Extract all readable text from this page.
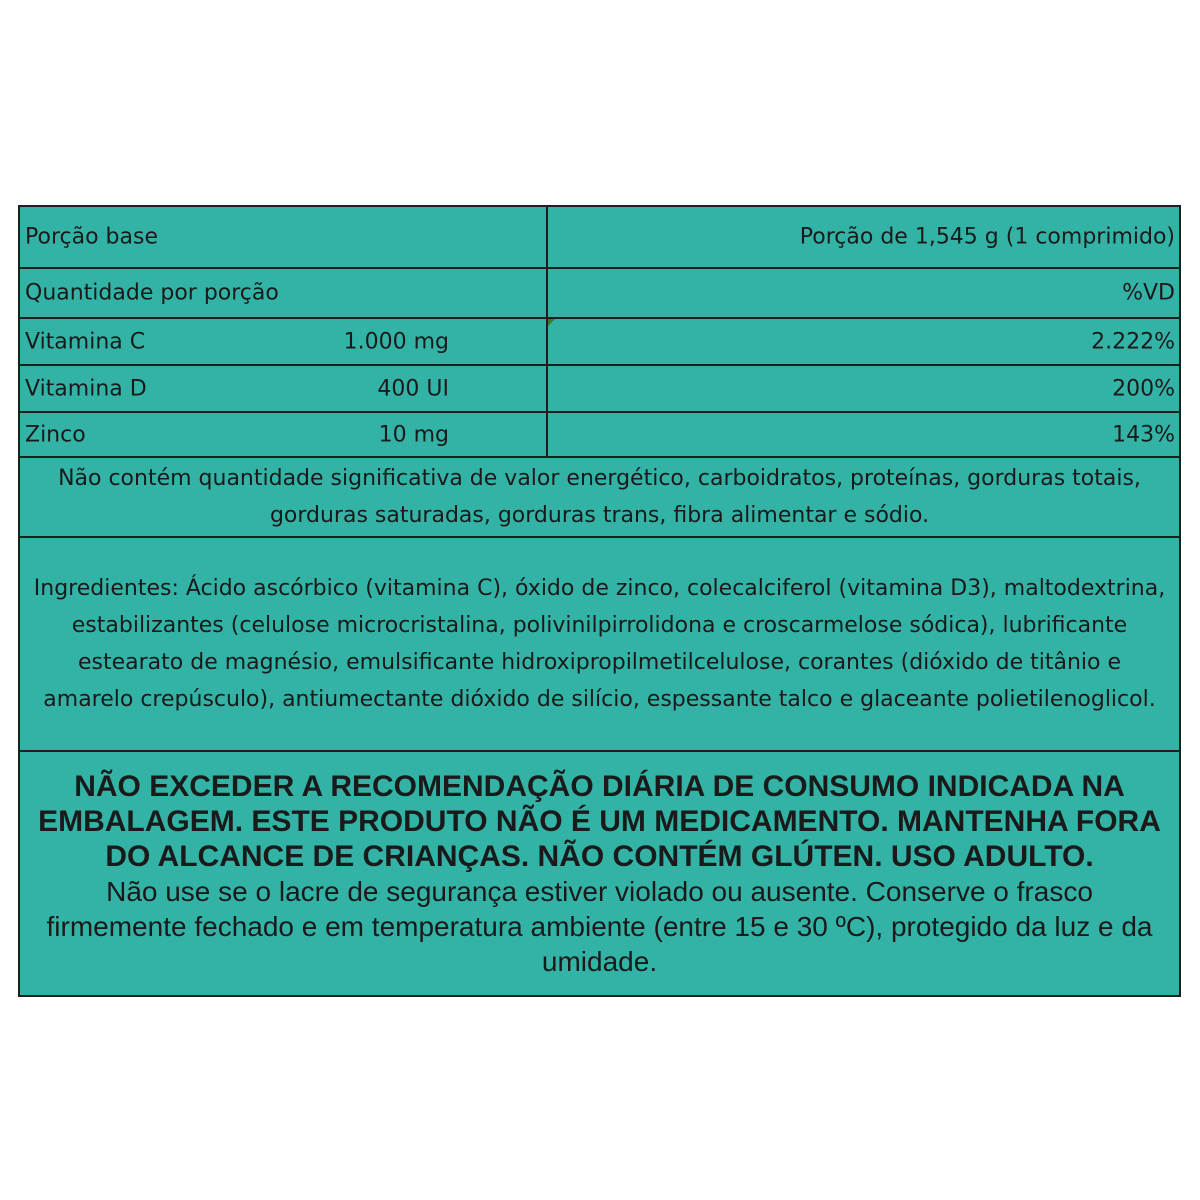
Porção base	Porção de 1,545 g (1 comprimido)
Quantidade por porção	%VD
Vitamina C	1.000 mg	2.222%
Vitamina D	400 UI	200%
Zinco	10 mg	143%
Não contém quantidade significativa de valor energético, carboidratos, proteínas, gorduras totais, gorduras saturadas, gorduras trans, fibra alimentar e sódio.
Ingredientes: Ácido ascórbico (vitamina C), óxido de zinco, colecalciferol (vitamina D3), maltodextrina, estabilizantes (celulose microcristalina, polivinilpirrolidona e croscarmelose sódica), lubrificante estearato de magnésio, emulsificante hidroxipropilmetilcelulose, corantes (dióxido de titânio e amarelo crepúsculo), antiumectante dióxido de silício, espessante talco e glaceante polietilenoglicol.
NÃO EXCEDER A RECOMENDAÇÃO DIÁRIA DE CONSUMO INDICADA NA EMBALAGEM. ESTE PRODUTO NÃO É UM MEDICAMENTO. MANTENHA FORA DO ALCANCE DE CRIANÇAS. NÃO CONTÉM GLÚTEN. USO ADULTO.
Não use se o lacre de segurança estiver violado ou ausente. Conserve o frasco firmemente fechado e em temperatura ambiente (entre 15 e 30 ºC), protegido da luz e da umidade.
